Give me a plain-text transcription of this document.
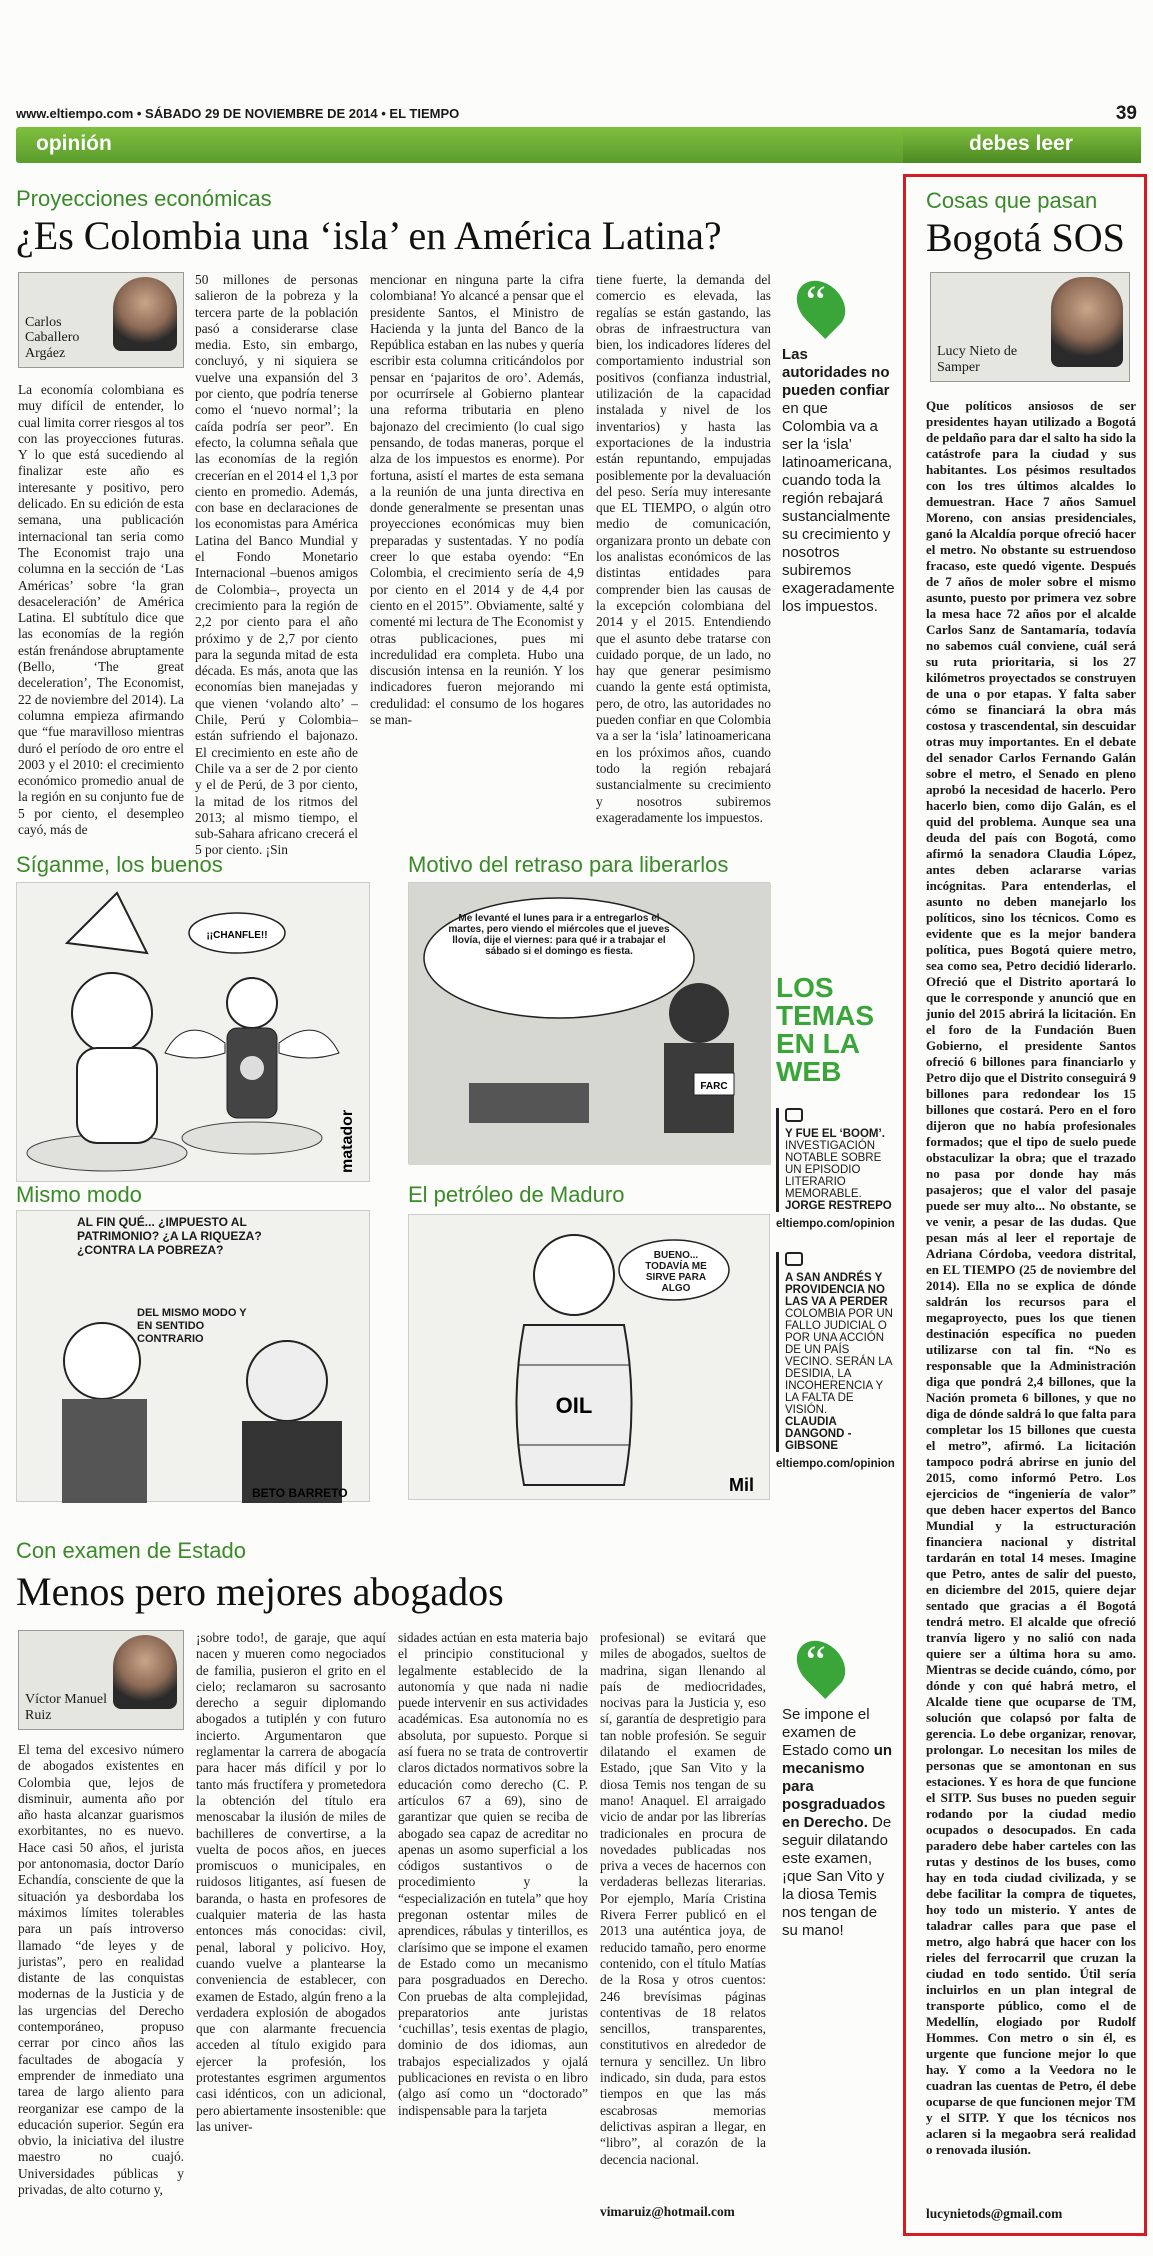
www.eltiempo.com • SÁBADO 29 DE NOVIEMBRE DE 2014 • EL TIEMPO	39
opinión	debes leer
Proyecciones económicas
¿Es Colombia una ‘isla’ en América Latina?
Carlos Caballero Argáez
La economía colombiana es muy difícil de entender, lo cual limita correr riesgos al tos con las proyecciones futuras. Y lo que está sucediendo al finalizar este año es interesante y positivo, pero delicado. En su edición de esta semana, una publicación internacional tan seria como The Economist trajo una columna en la sección de ‘Las Américas’ sobre ‘la gran desaceleración’ de América Latina. El subtítulo dice que las economías de la región están frenándose abruptamente (Bello, ‘The great deceleration’, The Economist, 22 de noviembre del 2014). La columna empieza afirmando que “fue maravilloso mientras duró el período de oro entre el 2003 y el 2010: el crecimiento económico promedio anual de la región en su conjunto fue de 5 por ciento, el desempleo cayó, más de
50 millones de personas salieron de la pobreza y la tercera parte de la población pasó a considerarse clase media. Esto, sin embargo, concluyó, y ni siquiera se vuelve una expansión del 3 por ciento, que podría tenerse como el ‘nuevo normal’; la caída podría ser peor”. En efecto, la columna señala que las economías de la región crecerían en el 2014 el 1,3 por ciento en promedio. Además, con base en declaraciones de los economistas para América Latina del Banco Mundial y el Fondo Monetario Internacional –buenos amigos de Colombia–, proyecta un crecimiento para la región de 2,2 por ciento para el año próximo y de 2,7 por ciento para la segunda mitad de esta década. Es más, anota que las economías bien manejadas y que vienen ‘volando alto’ –Chile, Perú y Colombia– están sufriendo el bajonazo. El crecimiento en este año de Chile va a ser de 2 por ciento y el de Perú, de 3 por ciento, la mitad de los ritmos del 2013; al mismo tiempo, el sub-Sahara africano crecerá el 5 por ciento. ¡Sin
mencionar en ninguna parte la cifra colombiana! Yo alcancé a pensar que el presidente Santos, el Ministro de Hacienda y la junta del Banco de la República estaban en las nubes y quería escribir esta columna criticándolos por pensar en ‘pajaritos de oro’. Además, por ocurrírsele al Gobierno plantear una reforma tributaria en pleno bajonazo del crecimiento (lo cual sigo pensando, de todas maneras, porque el alza de los impuestos es enorme). Por fortuna, asistí el martes de esta semana a la reunión de una junta directiva en donde generalmente se presentan unas proyecciones económicas muy bien preparadas y sustentadas. Y no podía creer lo que estaba oyendo: “En Colombia, el crecimiento sería de 4,9 por ciento en el 2014 y de 4,4 por ciento en el 2015”. Obviamente, salté y comenté mi lectura de The Economist y otras publicaciones, pues mi incredulidad era completa. Hubo una discusión intensa en la reunión. Y los indicadores fueron mejorando mi credulidad: el consumo de los hogares se man-
tiene fuerte, la demanda del comercio es elevada, las regalías se están gastando, las obras de infraestructura van bien, los indicadores líderes del comportamiento industrial son positivos (confianza industrial, utilización de la capacidad instalada y nivel de los inventarios) y hasta las exportaciones de la industria están repuntando, empujadas posiblemente por la devaluación del peso. Sería muy interesante que EL TIEMPO, o algún otro medio de comunicación, organizara pronto un debate con los analistas económicos de las distintas entidades para comprender bien las causas de la excepción colombiana del 2014 y el 2015. Entendiendo que el asunto debe tratarse con cuidado porque, de un lado, no hay que generar pesimismo cuando la gente está optimista, pero, de otro, las autoridades no pueden confiar en que Colombia va a ser la ‘isla’ latinoamericana en los próximos años, cuando todo la región rebajará sustancialmente su crecimiento y nosotros subiremos exageradamente los impuestos.
“
Las autoridades no pueden confiar en que Colombia va a ser la ‘isla’ latinoamericana, cuando toda la región rebajará sustancialmente su crecimiento y nosotros subiremos exageradamente los impuestos.
Síganme, los buenos
¡¡CHANFLE!!
matador
Motivo del retraso para liberarlos
Me levanté el lunes para ir a entregarlos el martes, pero viendo el miércoles que el jueves llovía, dije el viernes: para qué ir a trabajar el sábado si el domingo es fiesta.
FARC
Mismo modo
AL FIN QUÉ... ¿IMPUESTO AL PATRIMONIO? ¿A LA RIQUEZA? ¿CONTRA LA POBREZA?
DEL MISMO MODO Y EN SENTIDO CONTRARIO
BETO BARRETO
El petróleo de Maduro
BUENO... TODAVÍA ME SIRVE PARA ALGO
OIL
Mil
LOS TEMAS EN LA WEB
Y FUE EL ‘BOOM’. INVESTIGACIÓN NOTABLE SOBRE UN EPISODIO LITERARIO MEMORABLE.
JORGE RESTREPO
eltiempo.com/opinion
A SAN ANDRÉS Y PROVIDENCIA NO LAS VA A PERDER COLOMBIA POR UN FALLO JUDICIAL O POR UNA ACCIÓN DE UN PAÍS VECINO. SERÁN LA DESIDIA, LA INCOHERENCIA Y LA FALTA DE VISIÓN.
CLAUDIA DANGOND -GIBSONE
eltiempo.com/opinion
Con examen de Estado
Menos pero mejores abogados
Víctor Manuel Ruiz
El tema del excesivo número de abogados existentes en Colombia que, lejos de disminuir, aumenta año por año hasta alcanzar guarismos exorbitantes, no es nuevo. Hace casi 50 años, el jurista por antonomasia, doctor Darío Echandía, consciente de que la situación ya desbordaba los máximos límites tolerables para un país introverso llamado “de leyes y de juristas”, pero en realidad distante de las conquistas modernas de la Justicia y de las urgencias del Derecho contemporáneo, propuso cerrar por cinco años las facultades de abogacía y emprender de inmediato una tarea de largo aliento para reorganizar ese campo de la educación superior. Según era obvio, la iniciativa del ilustre maestro no cuajó. Universidades públicas y privadas, de alto coturno y,
¡sobre todo!, de garaje, que aquí nacen y mueren como negociados de familia, pusieron el grito en el cielo; reclamaron su sacrosanto derecho a seguir diplomando abogados a tutiplén y con futuro incierto. Argumentaron que reglamentar la carrera de abogacía para hacer más difícil y por lo tanto más fructífera y prometedora la obtención del título era menoscabar la ilusión de miles de bachilleres de convertirse, a la vuelta de pocos años, en jueces promiscuos o municipales, en ruidosos litigantes, así fuesen de baranda, o hasta en profesores de cualquier materia de las hasta entonces más conocidas: civil, penal, laboral y policivo. Hoy, cuando vuelve a plantearse la conveniencia de establecer, con examen de Estado, algún freno a la verdadera explosión de abogados que con alarmante frecuencia acceden al título exigido para ejercer la profesión, los protestantes esgrimen argumentos casi idénticos, con un adicional, pero abiertamente insostenible: que las univer-
sidades actúan en esta materia bajo el principio constitucional y legalmente establecido de la autonomía y que nada ni nadie puede intervenir en sus actividades académicas. Esa autonomía no es absoluta, por supuesto. Porque si así fuera no se trata de controvertir claros dictados normativos sobre la educación como derecho (C. P. artículos 67 a 69), sino de garantizar que quien se reciba de abogado sea capaz de acreditar no apenas un asomo superficial a los códigos sustantivos o de procedimiento y la “especialización en tutela” que hoy pregonan ostentar miles de aprendices, rábulas y tinterillos, es clarísimo que se impone el examen de Estado como un mecanismo para posgraduados en Derecho. Con pruebas de alta complejidad, preparatorios ante juristas ‘cuchillas’, tesis exentas de plagio, dominio de dos idiomas, aun trabajos especializados y ojalá publicaciones en revista o en libro (algo así como un “doctorado” indispensable para la tarjeta
profesional) se evitará que miles de abogados, sueltos de madrina, sigan llenando al país de mediocridades, nocivas para la Justicia y, eso sí, garantía de despretigio para tan noble profesión. Se seguir dilatando el examen de Estado, ¡que San Vito y la diosa Temis nos tengan de su mano! Anaquel. El arraigado vicio de andar por las librerías tradicionales en procura de novedades publicadas nos priva a veces de hacernos con verdaderas bellezas literarias. Por ejemplo, María Cristina Rivera Ferrer publicó en el 2013 una auténtica joya, de reducido tamaño, pero enorme contenido, con el título Matías de la Rosa y otros cuentos: 246 brevísimas páginas contentivas de 18 relatos sencillos, transparentes, constitutivos en alrededor de ternura y sencillez. Un libro indicado, sin duda, para estos tiempos en que las más escabrosas memorias delictivas aspiran a llegar, en “libro”, al corazón de la decencia nacional.
vimaruiz@hotmail.com
“
Se impone el examen de Estado como un mecanismo para posgraduados en Derecho. De seguir dilatando este examen, ¡que San Vito y la diosa Temis nos tengan de su mano!
Cosas que pasan
Bogotá SOS
Lucy Nieto de Samper
Que políticos ansiosos de ser presidentes hayan utilizado a Bogotá de peldaño para dar el salto ha sido la catástrofe para la ciudad y sus habitantes. Los pésimos resultados con los tres últimos alcaldes lo demuestran. Hace 7 años Samuel Moreno, con ansias presidenciales, ganó la Alcaldía porque ofreció hacer el metro. No obstante su estruendoso fracaso, este quedó vigente. Después de 7 años de moler sobre el mismo asunto, puesto por primera vez sobre la mesa hace 72 años por el alcalde Carlos Sanz de Santamaría, todavía no sabemos cuál conviene, cuál será su ruta prioritaria, si los 27 kilómetros proyectados se construyen de una o por etapas. Y falta saber cómo se financiará la obra más costosa y trascendental, sin descuidar otras muy importantes. En el debate del senador Carlos Fernando Galán sobre el metro, el Senado en pleno aprobó la necesidad de hacerlo. Pero hacerlo bien, como dijo Galán, es el quid del problema. Aunque sea una deuda del país con Bogotá, como afirmó la senadora Claudia López, antes deben aclararse varias incógnitas. Para entenderlas, el asunto no deben manejarlo los políticos, sino los técnicos. Como es evidente que es la mejor bandera política, pues Bogotá quiere metro, sea como sea, Petro decidió liderarlo. Ofreció que el Distrito aportará lo que le corresponde y anunció que en junio del 2015 abrirá la licitación. En el foro de la Fundación Buen Gobierno, el presidente Santos ofreció 6 billones para financiarlo y Petro dijo que el Distrito conseguirá 9 billones para redondear los 15 billones que costará. Pero en el foro dijeron que no había profesionales formados; que el tipo de suelo puede obstaculizar la obra; que el trazado no pasa por donde hay más pasajeros; que el valor del pasaje puede ser muy alto... No obstante, se ve venir, a pesar de las dudas. Que pesan más al leer el reportaje de Adriana Córdoba, veedora distrital, en EL TIEMPO (25 de noviembre del 2014). Ella no se explica de dónde saldrán los recursos para el megaproyecto, pues los que tienen destinación específica no pueden utilizarse con tal fin. “No es responsable que la Administración diga que pondrá 2,4 billones, que la Nación prometa 6 billones, y que no diga de dónde saldrá lo que falta para completar los 15 billones que cuesta el metro”, afirmó. La licitación tampoco podrá abrirse en junio del 2015, como informó Petro. Los ejercicios de “ingeniería de valor” que deben hacer expertos del Banco Mundial y la estructuración financiera nacional y distrital tardarán en total 14 meses. Imagine que Petro, antes de salir del puesto, en diciembre del 2015, quiere dejar sentado que gracias a él Bogotá tendrá metro. El alcalde que ofreció tranvía ligero y no salió con nada quiere ser a última hora su amo. Mientras se decide cuándo, cómo, por dónde y con qué habrá metro, el Alcalde tiene que ocuparse de TM, solución que colapsó por falta de gerencia. Lo debe organizar, renovar, prolongar. Lo necesitan los miles de personas que se amontonan en sus estaciones. Y es hora de que funcione el SITP. Sus buses no pueden seguir rodando por la ciudad medio ocupados o desocupados. En cada paradero debe haber carteles con las rutas y destinos de los buses, como hay en toda ciudad civilizada, y se debe facilitar la compra de tiquetes, hoy todo un misterio. Y antes de taladrar calles para que pase el metro, algo habrá que hacer con los rieles del ferrocarril que cruzan la ciudad en todo sentido. Útil sería incluirlos en un plan integral de transporte público, como el de Medellín, elogiado por Rudolf Hommes. Con metro o sin él, es urgente que funcione mejor lo que hay. Y como a la Veedora no le cuadran las cuentas de Petro, él debe ocuparse de que funcionen mejor TM y el SITP. Y que los técnicos nos aclaren si la megaobra será realidad o renovada ilusión.
lucynietods@gmail.com
